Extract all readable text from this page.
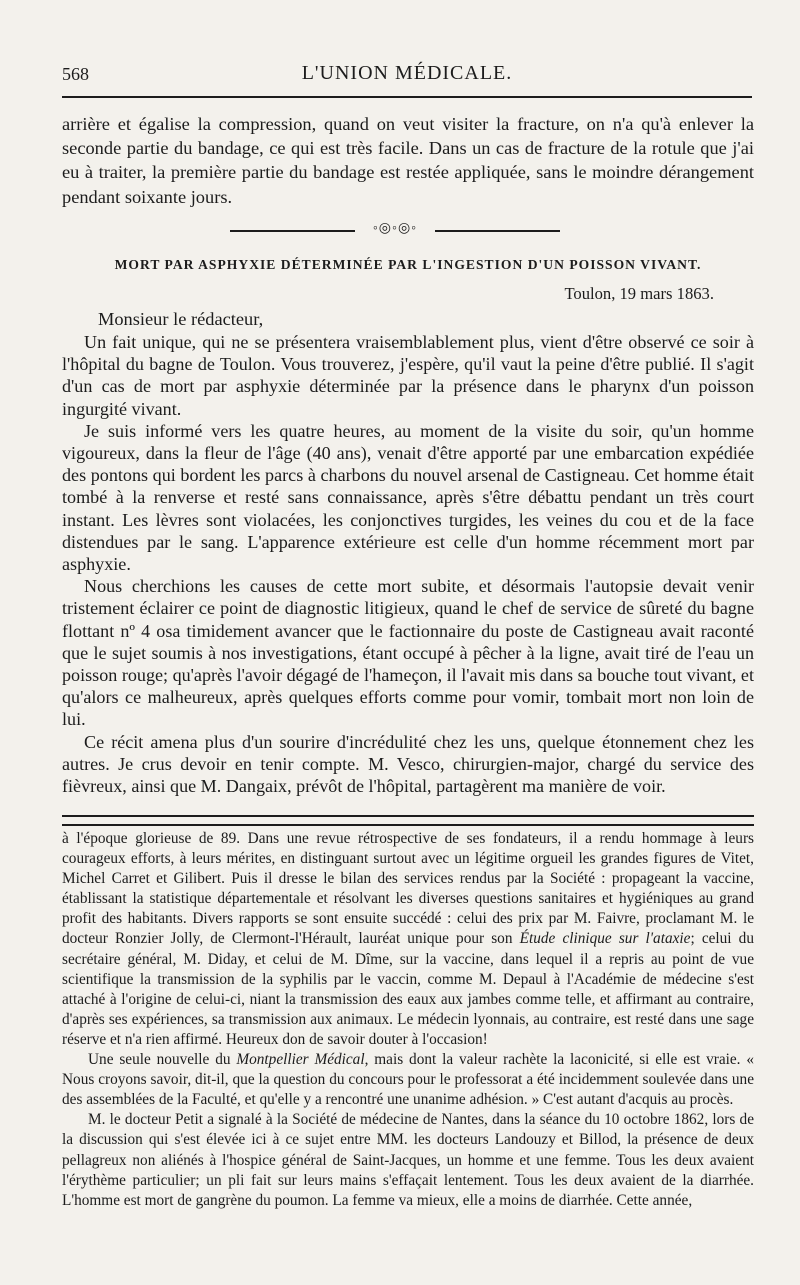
568	L'UNION MÉDICALE.

arrière et égalise la compression, quand on veut visiter la fracture, on n'a qu'à enlever la seconde partie du bandage, ce qui est très facile. Dans un cas de fracture de la rotule que j'ai eu à traiter, la première partie du bandage est restée appliquée, sans le moindre dérangement pendant soixante jours.

◦◎◦◎◦
MORT PAR ASPHYXIE DÉTERMINÉE PAR L'INGESTION D'UN POISSON VIVANT.
Toulon, 19 mars 1863.
Monsieur le rédacteur,

Un fait unique, qui ne se présentera vraisemblablement plus, vient d'être observé ce soir à l'hôpital du bagne de Toulon. Vous trouverez, j'espère, qu'il vaut la peine d'être publié. Il s'agit d'un cas de mort par asphyxie déterminée par la présence dans le pharynx d'un poisson ingurgité vivant.

Je suis informé vers les quatre heures, au moment de la visite du soir, qu'un homme vigoureux, dans la fleur de l'âge (40 ans), venait d'être apporté par une embarcation expédiée des pontons qui bordent les parcs à charbons du nouvel arsenal de Castigneau. Cet homme était tombé à la renverse et resté sans connaissance, après s'être débattu pendant un très court instant. Les lèvres sont violacées, les conjonctives turgides, les veines du cou et de la face distendues par le sang. L'apparence extérieure est celle d'un homme récemment mort par asphyxie.

Nous cherchions les causes de cette mort subite, et désormais l'autopsie devait venir tristement éclairer ce point de diagnostic litigieux, quand le chef de service de sûreté du bagne flottant nº 4 osa timidement avancer que le factionnaire du poste de Castigneau avait raconté que le sujet soumis à nos investigations, étant occupé à pêcher à la ligne, avait tiré de l'eau un poisson rouge; qu'après l'avoir dégagé de l'hameçon, il l'avait mis dans sa bouche tout vivant, et qu'alors ce malheureux, après quelques efforts comme pour vomir, tombait mort non loin de lui.

Ce récit amena plus d'un sourire d'incrédulité chez les uns, quelque étonnement chez les autres. Je crus devoir en tenir compte. M. Vesco, chirurgien-major, chargé du service des fièvreux, ainsi que M. Dangaix, prévôt de l'hôpital, partagèrent ma manière de voir.

à l'époque glorieuse de 89. Dans une revue rétrospective de ses fondateurs, il a rendu hommage à leurs courageux efforts, à leurs mérites, en distinguant surtout avec un légitime orgueil les grandes figures de Vitet, Michel Carret et Gilibert. Puis il dresse le bilan des services rendus par la Société : propageant la vaccine, établissant la statistique départementale et résolvant les diverses questions sanitaires et hygiéniques au grand profit des habitants. Divers rapports se sont ensuite succédé : celui des prix par M. Faivre, proclamant M. le docteur Ronzier Jolly, de Clermont-l'Hérault, lauréat unique pour son Étude clinique sur l'ataxie; celui du secrétaire général, M. Diday, et celui de M. Dîme, sur la vaccine, dans lequel il a repris au point de vue scientifique la transmission de la syphilis par le vaccin, comme M. Depaul à l'Académie de médecine s'est attaché à l'origine de celui-ci, niant la transmission des eaux aux jambes comme telle, et affirmant au contraire, d'après ses expériences, sa transmission aux animaux. Le médecin lyonnais, au contraire, est resté dans une sage réserve et n'a rien affirmé. Heureux don de savoir douter à l'occasion!

Une seule nouvelle du Montpellier Médical, mais dont la valeur rachète la laconicité, si elle est vraie. « Nous croyons savoir, dit-il, que la question du concours pour le professorat a été incidemment soulevée dans une des assemblées de la Faculté, et qu'elle y a rencontré une unanime adhésion. » C'est autant d'acquis au procès.

M. le docteur Petit a signalé à la Société de médecine de Nantes, dans la séance du 10 octobre 1862, lors de la discussion qui s'est élevée ici à ce sujet entre MM. les docteurs Landouzy et Billod, la présence de deux pellagreux non aliénés à l'hospice général de Saint-Jacques, un homme et une femme. Tous les deux avaient l'érythème particulier; un pli fait sur leurs mains s'effaçait lentement. Tous les deux avaient de la diarrhée. L'homme est mort de gangrène du poumon. La femme va mieux, elle a moins de diarrhée. Cette année,
